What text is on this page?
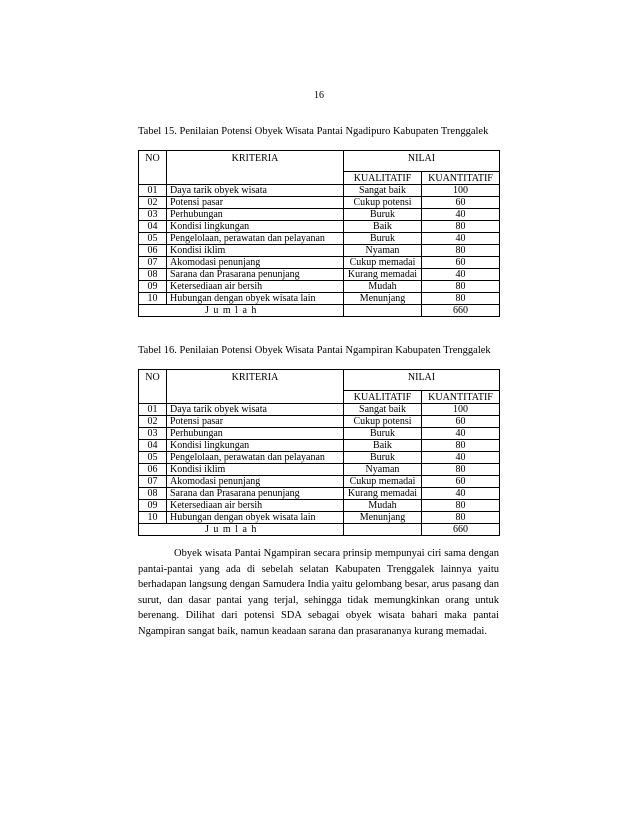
16
Tabel 15. Penilaian Potensi Obyek Wisata Pantai Ngadipuro Kabupaten Trenggalek
NO	KRITERIA	NILAI	
		KUALITATIF	KUANTITATIF
01	Daya tarik obyek wisata	Sangat baik	100
02	Potensi pasar	Cukup potensi	60
03	Perhubungan	Buruk	40
04	Kondisi lingkungan	Baik	80
05	Pengelolaan, perawatan dan pelayanan	Buruk	40
06	Kondisi iklim	Nyaman	80
07	Akomodasi penunjang	Cukup memadai	60
08	Sarana dan Prasarana penunjang	Kurang memadai	40
09	Ketersediaan air bersih	Mudah	80
10	Hubungan dengan obyek wisata lain	Menunjang	80
J u m l a h			660
Tabel 16. Penilaian Potensi Obyek Wisata Pantai Ngampiran Kabupaten Trenggalek
NO	KRITERIA	NILAI	
		KUALITATIF	KUANTITATIF
01	Daya tarik obyek wisata	Sangat baik	100
02	Potensi pasar	Cukup potensi	60
03	Perhubungan	Buruk	40
04	Kondisi lingkungan	Baik	80
05	Pengelolaan, perawatan dan pelayanan	Buruk	40
06	Kondisi iklim	Nyaman	80
07	Akomodasi penunjang	Cukup memadai	60
08	Sarana dan Prasarana penunjang	Kurang memadai	40
09	Ketersediaan air bersih	Mudah	80
10	Hubungan dengan obyek wisata lain	Menunjang	80
J u m l a h			660

Obyek wisata Pantai Ngampiran secara prinsip mempunyai ciri sama dengan pantai-pantai yang ada di sebelah selatan Kabupaten Trenggalek lainnya yaitu berhadapan langsung dengan Samudera India yaitu gelombang besar, arus pasang dan surut, dan dasar pantai yang terjal, sehingga tidak memungkinkan orang untuk berenang. Dilihat dari potensi SDA sebagai obyek wisata bahari maka pantai Ngampiran sangat baik, namun keadaan sarana dan prasarananya kurang memadai.
